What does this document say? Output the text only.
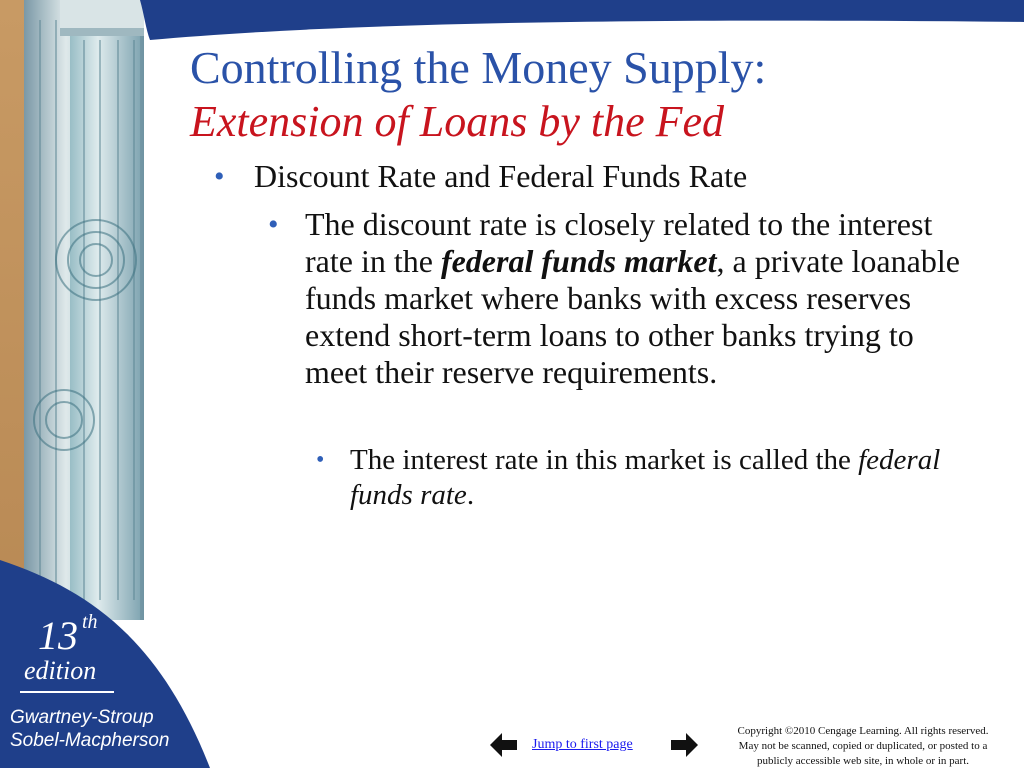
Controlling the Money Supply:
Extension of Loans by the Fed
• Discount Rate and Federal Funds Rate
• The discount rate is closely related to the interest rate in the federal funds market, a private loanable funds market where banks with excess reserves extend short-term loans to other banks trying to meet their reserve requirements.
• The interest rate in this market is called the federal funds rate.
13 th
edition
Gwartney-Stroup
Sobel-Macpherson	Jump to first page
Copyright ©2010 Cengage Learning. All rights reserved.
May not be scanned, copied or duplicated, or posted to a
publicly accessible web site, in whole or in part.
